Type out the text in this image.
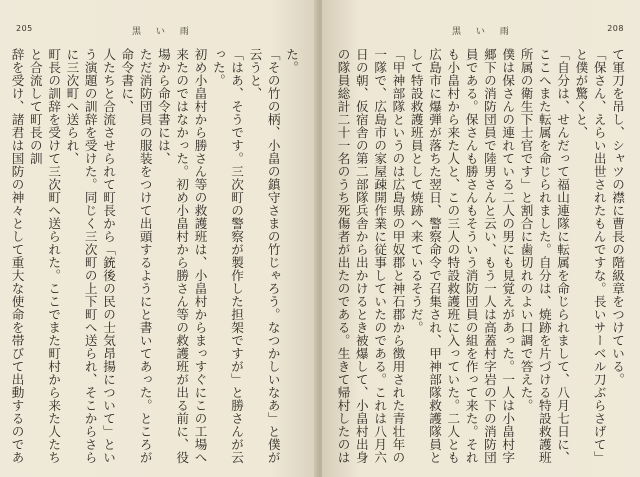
205	黒 い 雨
た。
「その竹の柄、小畠の鎮守さまの竹じゃろう。なつかしいなあ」と僕が云うと、
「はあ、そうです。三次町の警察が製作した担架ですが」と勝さんが云った。
初め小畠村から勝さん等の救護班は、小畠村からまっすぐにこの工場へ来たのではなかった。初め小畠村から勝さん等の救護班が出る前に、役場から命令書には、
ただ消防団員の服装をつけて出頭するようにと書いてあった。ところが命令書に、
人たちと合流させられて町長から「銃後の民の士気昂揚について」という演題の訓辞を受けた。同じく三次町の上下町へ送られ、そこからさらに三次町へ送られ、
町長の訓辞を受けて三次町へ送られた。ここでまた町村から来た人たちと合流して町長の訓
辞を受け、諸君は国防の神々として重大な使命を帯びて出動するのであ

黒 い 雨	208
て軍刀を吊し、シャツの襟に曹長の階級章をつけている。
「保さん、えらい出世されたもんですな。長いサーベル刀ぶらさげて」と僕が驚くと、
「自分は、せんだって福山連隊に転属を命じられまして、八月七日に、ここへまた転属を命じられました。自分は、焼跡を片づける特設救護班所属の衛生下士官です」と割合に歯切れのよい口調で答えた。
僕は保さんの連れている二人の男にも見覚えがあった。一人は小畠村字郷下の消防団員で陸男さんと云い、もう一人は高蓋村字岩の下の消防団員である。保さんも勝さんもそういう消防団員の組を作って来た。それも小畠村から来た人と、この三人の特設救護班に入っていた。二人とも広島市に爆弾が落ちた翌日、警察命令で召集され、甲神部隊救護隊員として特設救護班員として焼跡へ来ているそうだ。
「甲神部隊というのは広島県の甲奴郡と神石郡から徴用された青壮年の一隊で、広島市の家屋疎開作業に従事していたのである。これは八月六日の朝、仮宿舎の第二部隊兵舎から出かけるとき被爆して、小畠村出身の隊員総計二十一名のうち死傷者が出たのである。生きて帰村したのは
